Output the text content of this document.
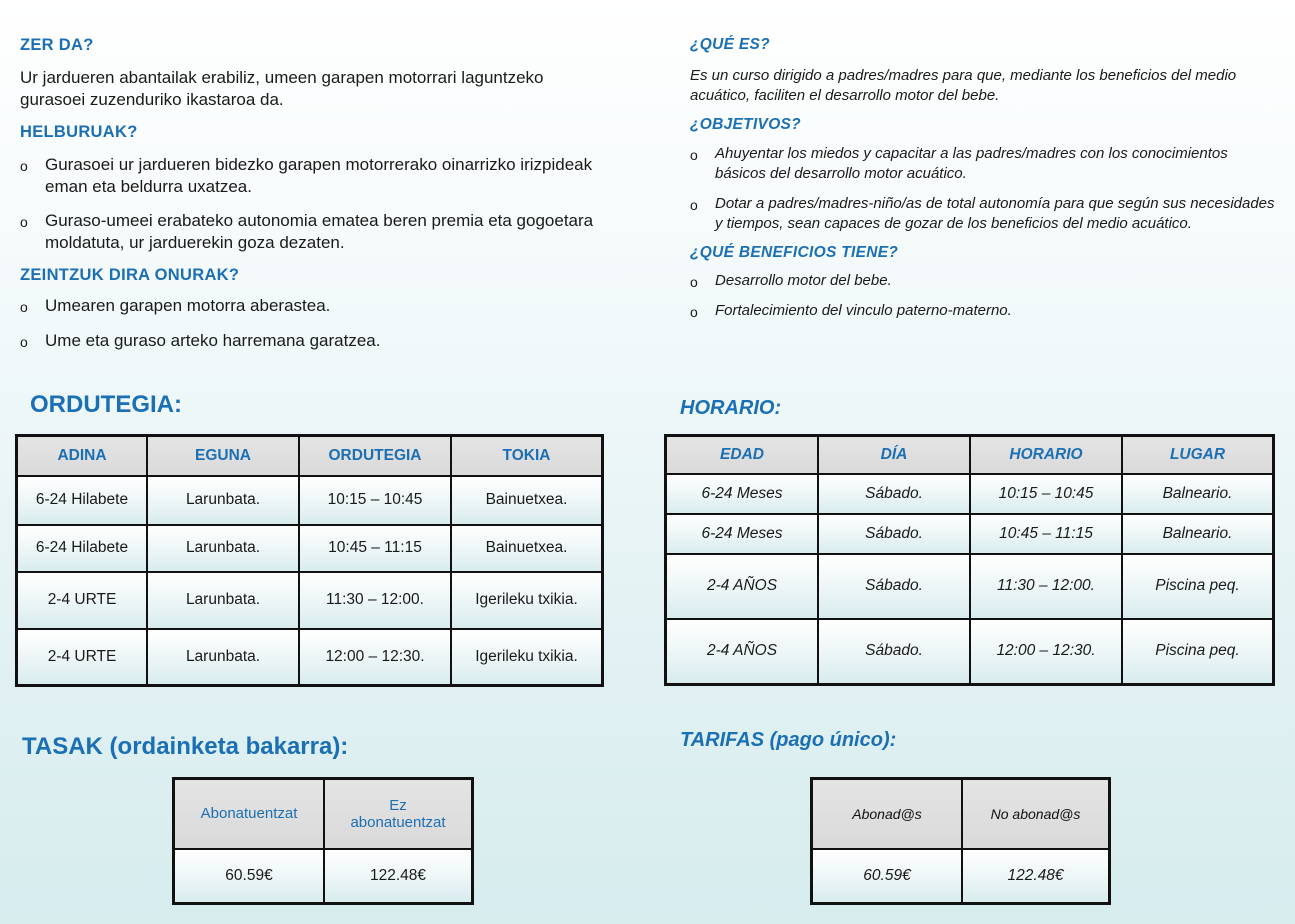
ZER DA?

Ur jardueren abantailak erabiliz, umeen garapen motorrari laguntzeko gurasoei zuzenduriko ikastaroa da.

HELBURUAK?

o	Gurasoei ur jardueren bidezko garapen motorrerako oinarrizko irizpideak eman eta beldurra uxatzea.
o	Guraso-umeei erabateko autonomia ematea beren premia eta gogoetara moldatuta, ur jarduerekin goza dezaten.

ZEINTZUK DIRA ONURAK?

o	Umearen garapen motorra aberastea.
o	Ume eta guraso arteko harremana garatzea.

¿QUÉ ES?

Es un curso dirigido a padres/madres para que, mediante los beneficios del medio acuático, faciliten el desarrollo motor del bebe.

¿OBJETIVOS?

o	Ahuyentar los miedos y capacitar a las padres/madres con los conocimientos básicos del desarrollo motor acuático.
o	Dotar a padres/madres-niño/as de total autonomía para que según sus necesidades y tiempos, sean capaces de gozar de los beneficios del medio acuático.

¿QUÉ BENEFICIOS TIENE?

o	Desarrollo motor del bebe.
o	Fortalecimiento del vinculo paterno-materno.

ORDUTEGIA:	HORARIO:

ADINA	EGUNA	ORDUTEGIA	TOKIA
6-24 Hilabete	Larunbata.	10:15 – 10:45	Bainuetxea.
6-24 Hilabete	Larunbata.	10:45 – 11:15	Bainuetxea.
2-4 URTE	Larunbata.	11:30 – 12:00.	Igerileku txikia.
2-4 URTE	Larunbata.	12:00 – 12:30.	Igerileku txikia.
EDAD	DÍA	HORARIO	LUGAR
6-24 Meses	Sábado.	10:15 – 10:45	Balneario.
6-24 Meses	Sábado.	10:45 – 11:15	Balneario.
2-4 AÑOS	Sábado.	11:30 – 12:00.	Piscina peq.
2-4 AÑOS	Sábado.	12:00 – 12:30.	Piscina peq.

TASAK (ordainketa bakarra):	TARIFAS (pago único):

Abonatuentzat	Ez abonatuentzat
60.59€	122.48€
Abonad@s	No abonad@s
60.59€	122.48€
